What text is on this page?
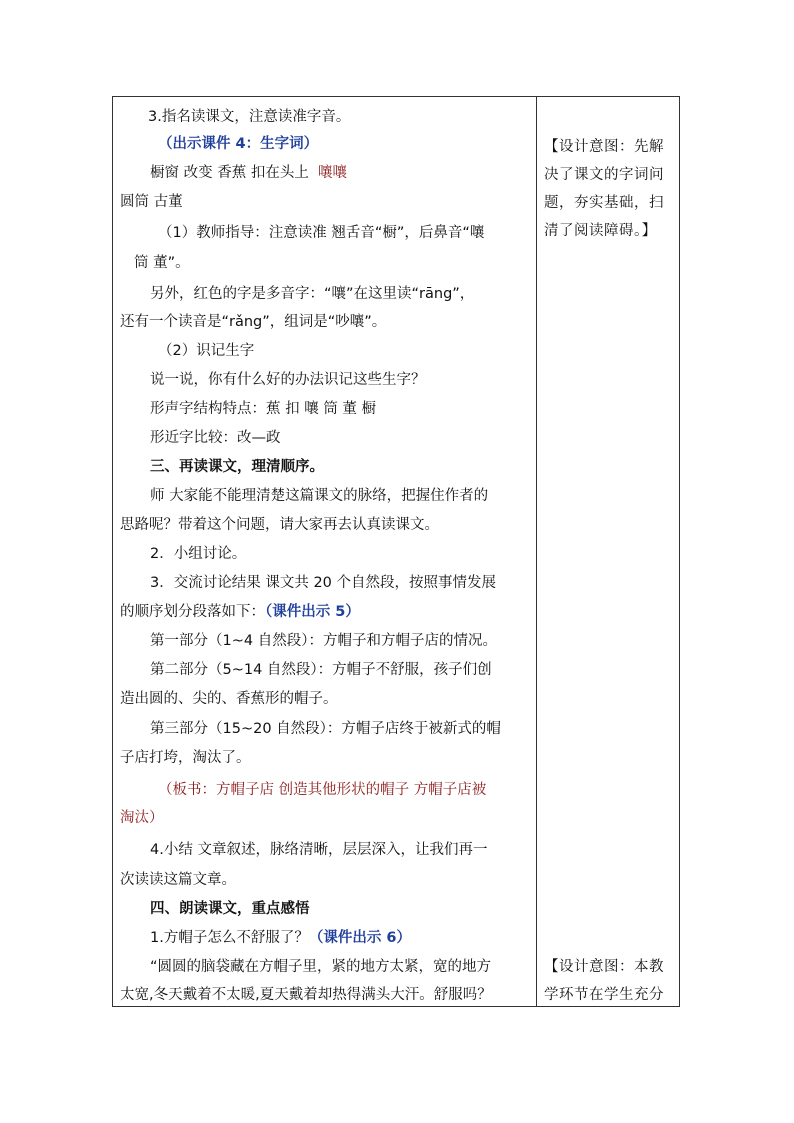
3.指名读课文，注意读准字音。
（出示课件 4：生字词）
橱窗 改变 香蕉 扣在头上 嚷嚷
圆筒 古董
（1）教师指导：注意读准 翘舌音“橱”，后鼻音“嚷
筒 董”。
另外，红色的字是多音字：“嚷”在这里读“rāng”，
还有一个读音是“rǎng”，组词是“吵嚷”。
（2）识记生字
说一说，你有什么好的办法识记这些生字？
形声字结构特点：蕉 扣 嚷 筒 董 橱
形近字比较：改—政
三、再读课文，理清顺序。
师 大家能不能理清楚这篇课文的脉络，把握住作者的
思路呢？带着这个问题，请大家再去认真读课文。
2．小组讨论。
3．交流讨论结果 课文共 20 个自然段，按照事情发展
的顺序划分段落如下：（课件出示 5）
第一部分（1~4 自然段）：方帽子和方帽子店的情况。
第二部分（5~14 自然段）：方帽子不舒服，孩子们创
造出圆的、尖的、香蕉形的帽子。
第三部分（15~20 自然段）：方帽子店终于被新式的帽
子店打垮，淘汰了。
（板书：方帽子店 创造其他形状的帽子 方帽子店被
淘汰）
4.小结 文章叙述，脉络清晰，层层深入，让我们再一
次读读这篇文章。
四、朗读课文，重点感悟
1.方帽子怎么不舒服了？（课件出示 6）
“圆圆的脑袋藏在方帽子里，紧的地方太紧，宽的地方
太宽,冬天戴着不太暖,夏天戴着却热得满头大汗。舒服吗？
【设计意图：先解
决了课文的字词问
题，夯实基础，扫
清了阅读障碍。】
【设计意图：本教
学环节在学生充分
